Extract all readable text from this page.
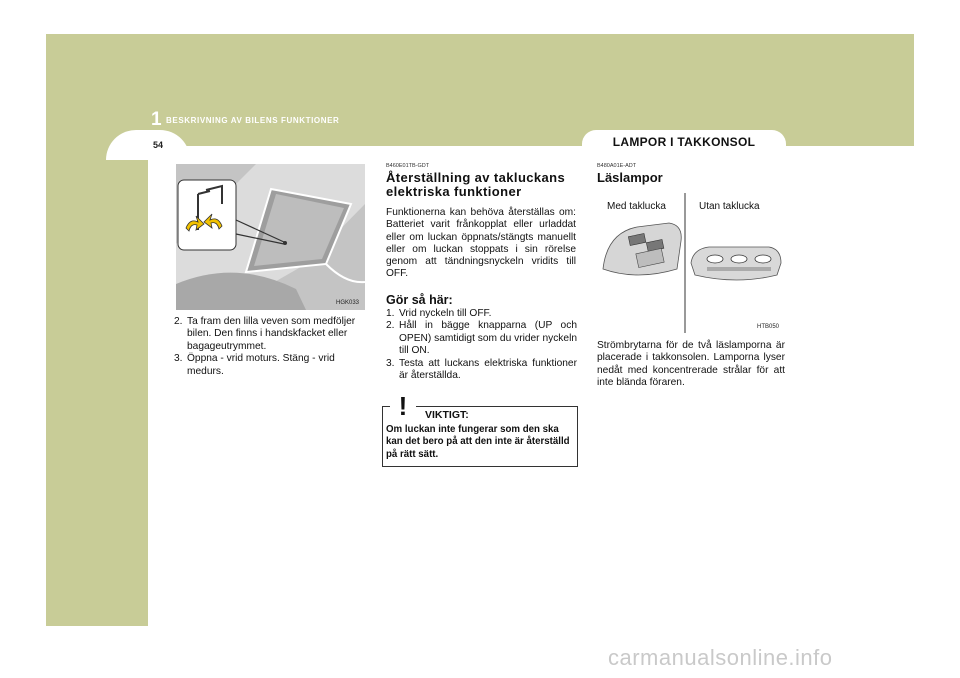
1 BESKRIVNING AV BILENS FUNKTIONER
54	LAMPOR I TAKKONSOL
HGK033
2. Ta fram den lilla veven som medföljer bilen. Den finns i handskfacket eller bagageutrymmet.
3. Öppna - vrid moturs. Stäng - vrid medurs.
B460E01TB-GDT
Återställning av takluckans elektriska funktioner
Funktionerna kan behöva återställas om: Batteriet varit frånkopplat eller urladdat eller om luckan öppnats/stängts manuellt eller om luckan stoppats i sin rörelse genom att tändningsnyckeln vridits till OFF.
Gör så här:
1. Vrid nyckeln till OFF.
2. Håll in bägge knapparna (UP och OPEN) samtidigt som du vrider nyckeln till ON.
3. Testa att luckans elektriska funktioner är återställda.
! VIKTIGT:
Om luckan inte fungerar som den ska kan det bero på att den inte är återställd på rätt sätt.
B480A01E-ADT
Läslampor
Med taklucka	Utan taklucka
HTB050
Strömbrytarna för de två läslamporna är placerade i takkonsolen. Lamporna lyser nedåt med koncentrerade strålar för att inte blända föraren.
carmanualsonline.info
